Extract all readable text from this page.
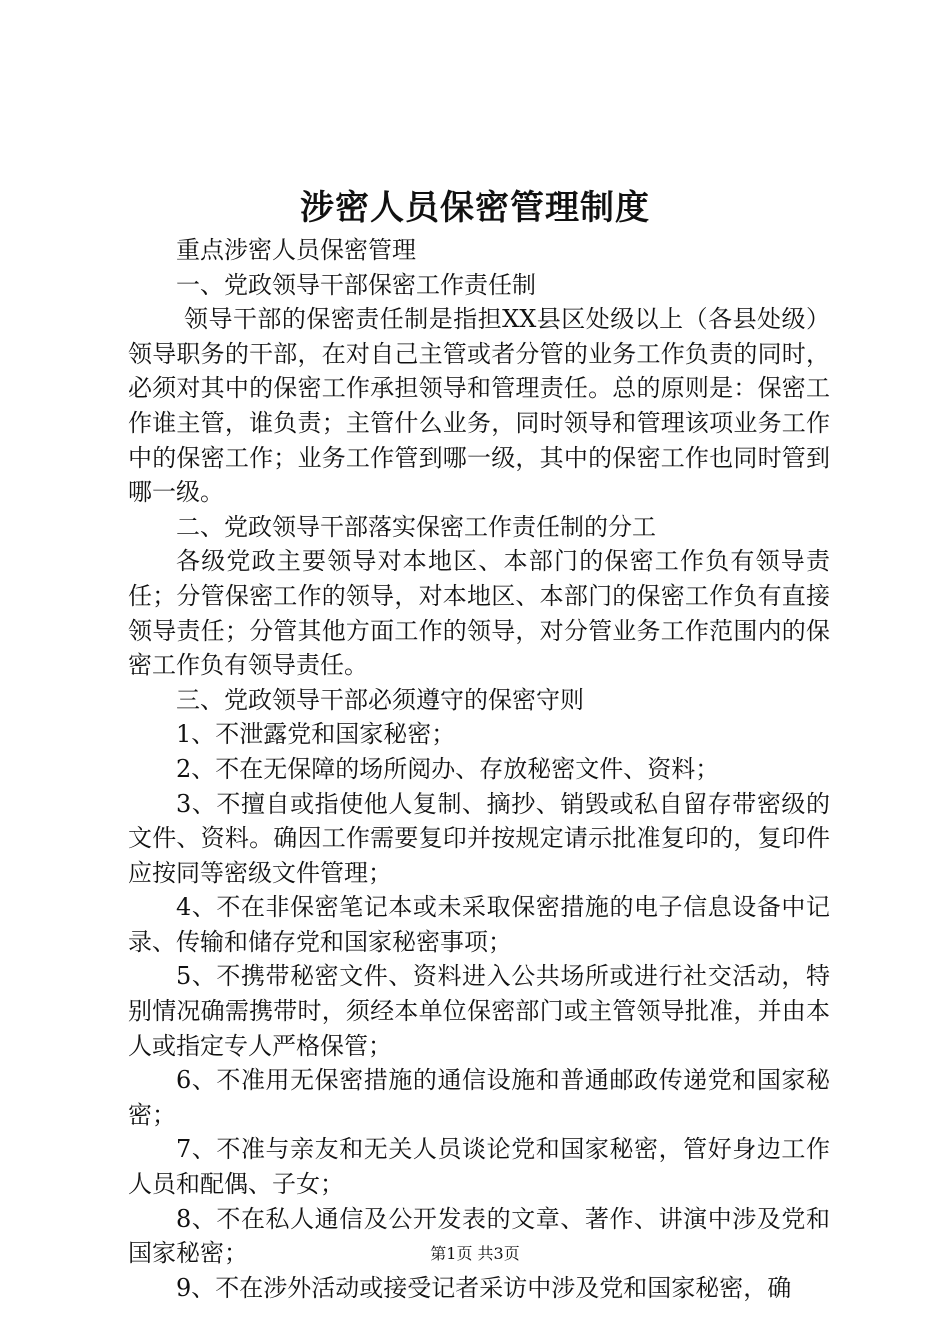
涉密人员保密管理制度

重点涉密人员保密管理

一、党政领导干部保密工作责任制

领导干部的保密责任制是指担XX县区处级以上（各县处级）领导职务的干部，在对自己主管或者分管的业务工作负责的同时，必须对其中的保密工作承担领导和管理责任。总的原则是：保密工作谁主管，谁负责；主管什么业务，同时领导和管理该项业务工作中的保密工作；业务工作管到哪一级，其中的保密工作也同时管到哪一级。

二、党政领导干部落实保密工作责任制的分工

各级党政主要领导对本地区、本部门的保密工作负有领导责任；分管保密工作的领导，对本地区、本部门的保密工作负有直接领导责任；分管其他方面工作的领导，对分管业务工作范围内的保密工作负有领导责任。

三、党政领导干部必须遵守的保密守则

1、不泄露党和国家秘密；

2、不在无保障的场所阅办、存放秘密文件、资料；

3、不擅自或指使他人复制、摘抄、销毁或私自留存带密级的文件、资料。确因工作需要复印并按规定请示批准复印的，复印件应按同等密级文件管理；

4、不在非保密笔记本或未采取保密措施的电子信息设备中记录、传输和储存党和国家秘密事项；

5、不携带秘密文件、资料进入公共场所或进行社交活动，特别情况确需携带时，须经本单位保密部门或主管领导批准，并由本人或指定专人严格保管；

6、不准用无保密措施的通信设施和普通邮政传递党和国家秘密；

7、不准与亲友和无关人员谈论党和国家秘密，管好身边工作人员和配偶、子女；

8、不在私人通信及公开发表的文章、著作、讲演中涉及党和国家秘密；

9、不在涉外活动或接受记者采访中涉及党和国家秘密，确

第1页 共3页
